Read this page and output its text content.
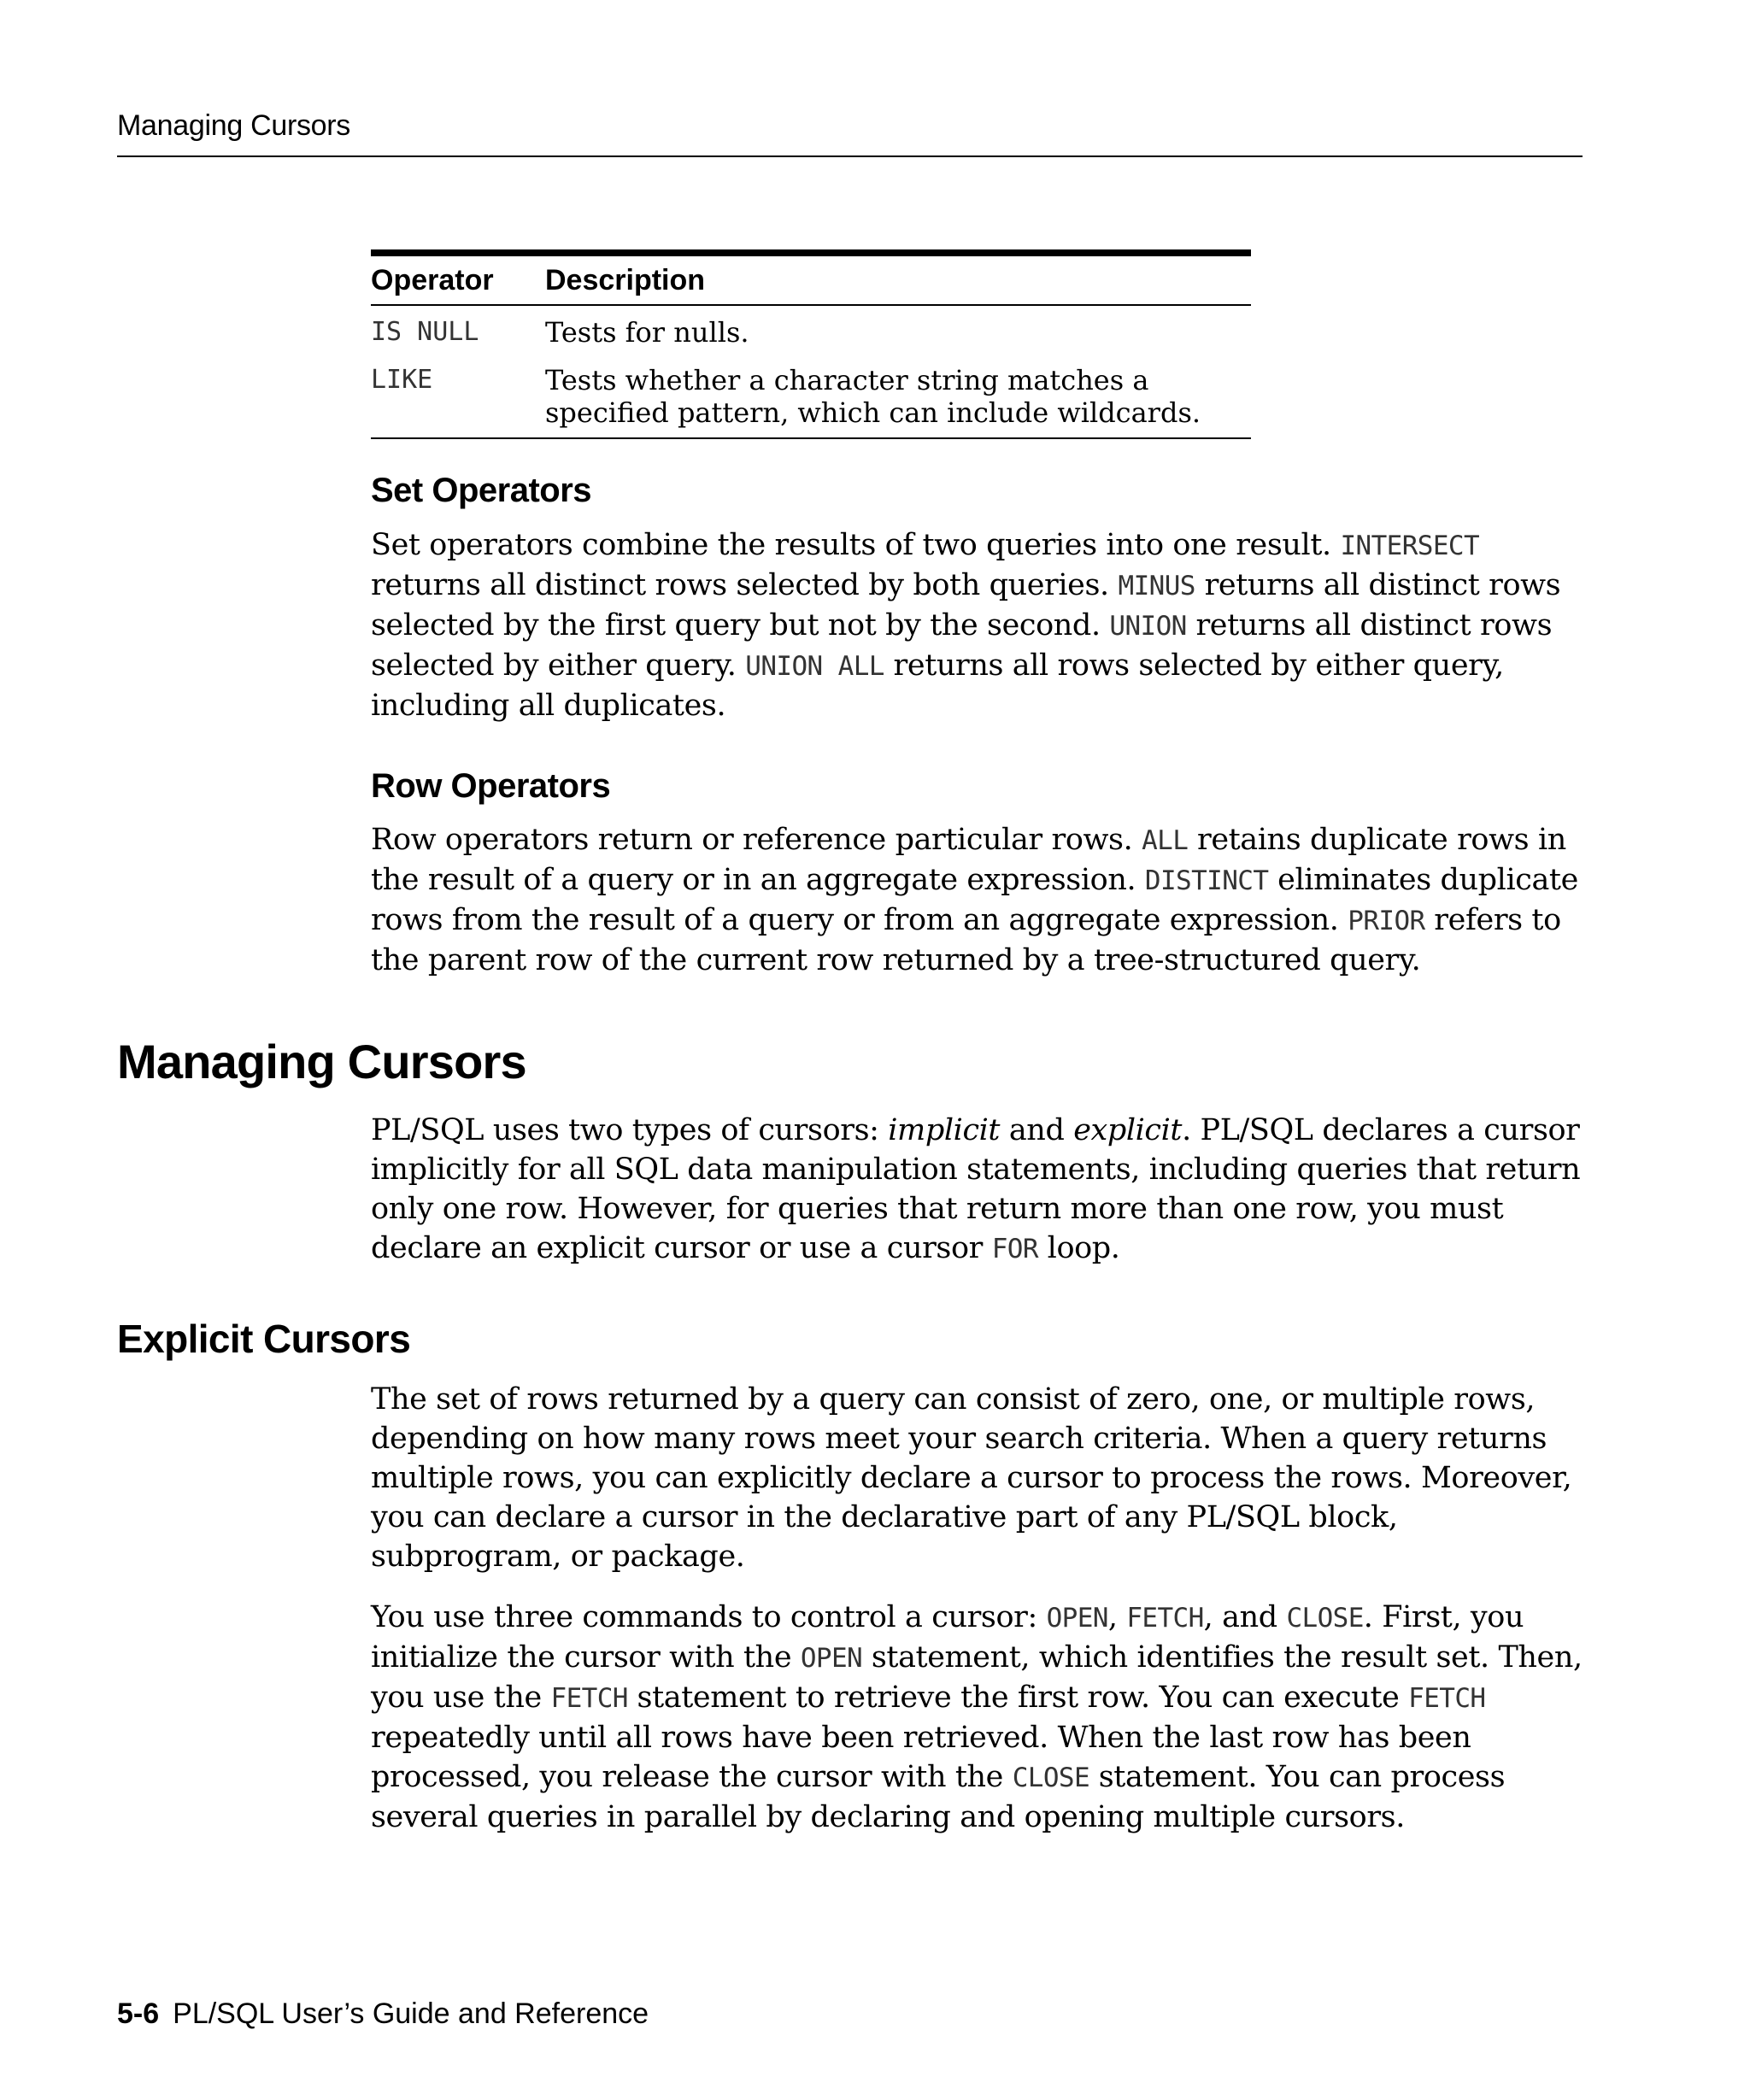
Managing Cursors
Operator	Description
IS NULL	Tests for nulls.
LIKE	Tests whether a character string matches a specified pattern, which can include wildcards.
Set Operators

Set operators combine the results of two queries into one result. INTERSECT returns all distinct rows selected by both queries. MINUS returns all distinct rows selected by the first query but not by the second. UNION returns all distinct rows selected by either query. UNION ALL returns all rows selected by either query, including all duplicates.

Row Operators

Row operators return or reference particular rows. ALL retains duplicate rows in the result of a query or in an aggregate expression. DISTINCT eliminates duplicate rows from the result of a query or from an aggregate expression. PRIOR refers to the parent row of the current row returned by a tree-structured query.

Managing Cursors

PL/SQL uses two types of cursors: implicit and explicit. PL/SQL declares a cursor implicitly for all SQL data manipulation statements, including queries that return only one row. However, for queries that return more than one row, you must declare an explicit cursor or use a cursor FOR loop.

Explicit Cursors

The set of rows returned by a query can consist of zero, one, or multiple rows, depending on how many rows meet your search criteria. When a query returns multiple rows, you can explicitly declare a cursor to process the rows. Moreover, you can declare a cursor in the declarative part of any PL/SQL block, subprogram, or package.

You use three commands to control a cursor: OPEN, FETCH, and CLOSE. First, you initialize the cursor with the OPEN statement, which identifies the result set. Then, you use the FETCH statement to retrieve the first row. You can execute FETCH repeatedly until all rows have been retrieved. When the last row has been processed, you release the cursor with the CLOSE statement. You can process several queries in parallel by declaring and opening multiple cursors.

5-6 PL/SQL User’s Guide and Reference
